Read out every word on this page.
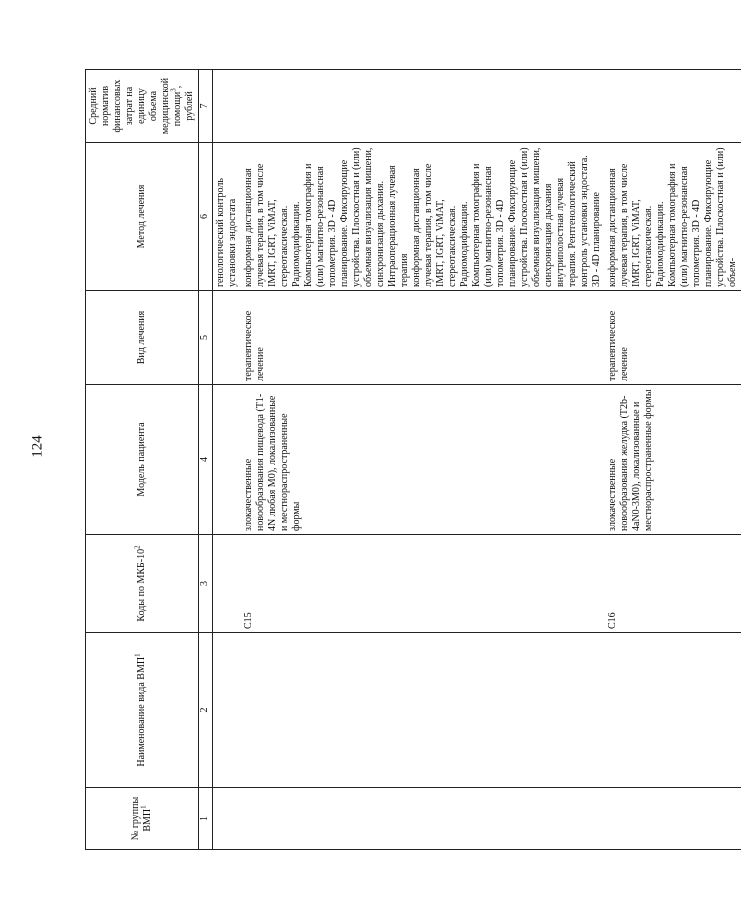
124
№ группы ВМП$^1$	Наименование вида ВМП$^1$	Коды по МКБ-$10^2$	Модель пациента	Вид лечения	Метод лечения	Средний норматив финансовых затрат на единицу объема медицинской помощи$^3$, рублей
1	2	3	4	5	6	7

					генологический контроль установки эндостата	

		С15	злокачественные новообразования пищевода (Т1-4N любая М0), локализованные и местнораспространенные формы	терапевтическое лечение	конформная дистанционная лучевая терапия, в том числе IMRT, IGRT, ViMAT, стереотаксическая. Радиомодификация. Компьютерная томография и (или) магнитно-резонансная топометрия. 3D - 4D планирование. Фиксирующие устройства. Плоскостная и (или) объемная визуализация мишени, синхронизация дыхания. Интраоперационная лучевая терапия конформная дистанционная лучевая терапия, в том числе IMRT, IGRT, ViMAT, стереотаксическая. Радиомодификация. Компьютерная томография и (или) магнитно-резонансная топометрия. 3D - 4D планирование. Фиксирующие устройства. Плоскостная и (или) объемная визуализация мишени, синхронизация дыхания внутриполостная лучевая терапия. Рентгенологический контроль установки эндостата. 3D - 4D планирование	

		С16	злокачественные новообразования желудка (Т2b-4aN0-3M0), локализованные и местнораспространенные формы	терапевтическое лечение	конформная дистанционная лучевая терапия, в том числе IMRT, IGRT, ViMAT, стереотаксическая. Радиомодификация. Компьютерная томография и (или) магнитно-резонансная топометрия. 3D - 4D планирование. Фиксирующие устройства. Плоскостная и (или) объем-	
